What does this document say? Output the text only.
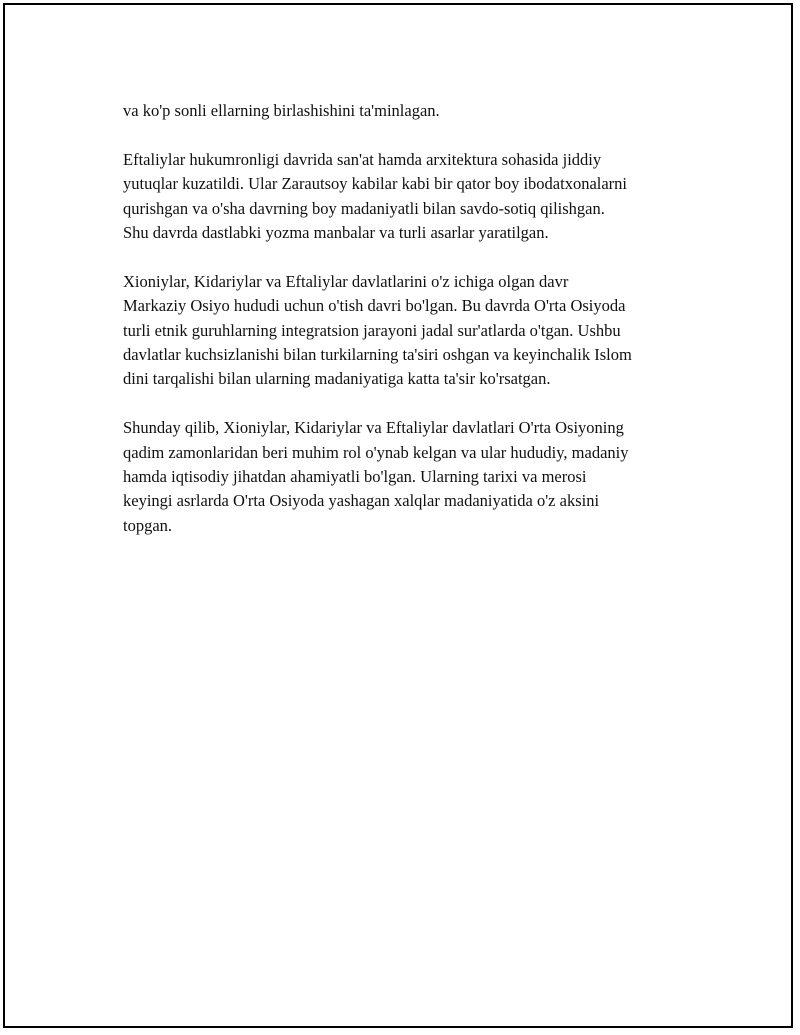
va ko'p sonli ellarning birlashishini ta'minlagan.

Eftaliylar hukumronligi davrida san'at hamda arxitektura sohasida jiddiy
yutuqlar kuzatildi. Ular Zarautsoy kabilar kabi bir qator boy ibodatxonalarni
qurishgan va o'sha davrning boy madaniyatli bilan savdo-sotiq qilishgan.
Shu davrda dastlabki yozma manbalar va turli asarlar yaratilgan.

Xioniylar, Kidariylar va Eftaliylar davlatlarini o'z ichiga olgan davr
Markaziy Osiyo hududi uchun o'tish davri bo'lgan. Bu davrda O'rta Osiyoda
turli etnik guruhlarning integratsion jarayoni jadal sur'atlarda o'tgan. Ushbu
davlatlar kuchsizlanishi bilan turkilarning ta'siri oshgan va keyinchalik Islom
dini tarqalishi bilan ularning madaniyatiga katta ta'sir ko'rsatgan.

Shunday qilib, Xioniylar, Kidariylar va Eftaliylar davlatlari O'rta Osiyoning
qadim zamonlaridan beri muhim rol o'ynab kelgan va ular hududiy, madaniy
hamda iqtisodiy jihatdan ahamiyatli bo'lgan. Ularning tarixi va merosi
keyingi asrlarda O'rta Osiyoda yashagan xalqlar madaniyatida o'z aksini
topgan.
